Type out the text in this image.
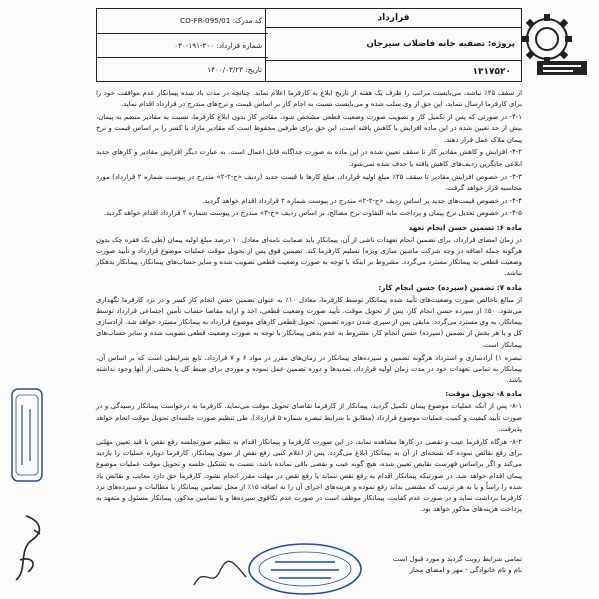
قرارداد
پروژه: تصفیه خانه فاضلاب سیرجان
۱۳۱۷۵۲۰
کد مدرک: CO-FR-095/01
شماره قرارداد: ۴۰۰-۱۹۱-۰۳۰
تاریخ: ۱۴۰۰/۰۳/۲۳

از سقف ۲۵٪ نباشد، می‌بایست مراتب را ظرف یک هفته از تاریخ ابلاغ به کارفرما اعلام نماید. چنانچه در مدت یاد شده پیمانکار عدم موافقت خود را برای کارفرما ارسال ننماید، این حق از وی سلب شده و می‌بایست نسبت به اجام کار بر اساس قیمت و نرخ‌های مندرج در قرارداد اقدام نماید.

۴-۱- در صورتی که پس از تکمیل کار و تصویب صورت وضعیت قطعی مشخص شود، مقادیر کار بدون ابلاغ کارفرما، نسبت به مقادیر منضم به پیمان، بیش از حد تعیین شده در این ماده افزایش یا کاهش یافته است، این حق برای طرفین محفوظ است که مقادیر مازاد یا کسر را بر اساس قیمت و نرخ پیمان ملاک عمل قرار دهند.

۴-۲- افزایش و کاهش مقادیر کار تا سقف تعیین شده در این ماده به صورت جداگانه قابل اعمال است. به عبارت دیگر افزایش مقادیر و کارهای جدید ابلاغی جایگزین ردیف‌های کاهش یافته یا حذف شده نمی‌شود.

۴-۳- در خصوص افزایش مقادیر تا سقف ۲۵٪ مبلغ اولیه قرارداد، مبلغ کارها با قیمت جدید (ردیف «ج-۲-۲» مندرج در پیوست شماره ۲ قرارداد) مورد محاسبه قرار خواهد گرفت.

۴-۴- در خصوص قیمت‌های جدید بر اساس ردیف «ج-۲-۲» مندرج در پیوست شماره ۲ قرارداد اقدام خواهد گردید.

۴-۵- در خصوص تعدیل نرخ پیمان و پرداخت مابه التفاوت نرخ مصالح، بر اساس ردیف «ج-۳» مندرج در پیوست شماره ۲ قرارداد اقدام خواهد گردید.

ماده ۶: تضمین حسن انجام تعهد

در زمان امضای قرارداد، برای تضمین انجام تعهدات ناشی از آن، پیمانکار باید ضمانت نامه‌ای معادل ۱۰ درصد مبلغ اولیه پیمان (طی یک فقره چک بدون هرگونه جمله اضافه در وجه شرکت ماشین سازی ویژه) تسلیم کارفرما کند. تضمین فوق پس از تحویل موقت عملیات موضوع قرارداد و تأیید صورت وضعیت قطعی به پیمانکار مسترد می‌گردد. مشروط بر اینکه با توجه به صورت وضعیت قطعی تصویب شده و سایر حساب‌های پیمانکار، پیمانکار بدهکار نباشد.

ماده ۷: تضمین (سپرده) حسن انجام کار:

از مبالغ ناخالص صورت وضعیت‌های تأیید شده پیمانکار توسط کارفرما، معادل ۱۰٪ به عنوان تضمین حسن انجام کار کسر و در نزد کارفرما نگهداری می‌شود. ۵۰٪ از سپرده حسن انجام کار، پس از تحویل موقت، تأیید صورت وضعیت قطعی، اخذ و ارایه مفاصا حساب تأمین اجتماعی قرارداد توسط پیمانکار، به وی مسترد می‌گردد. مابقی پس از سپری شدن دوره تضمین، تحویل قطعی کارهای موضوع قرارداد به پیمانکار مسترد خواهد شد. آزادسازی کل و یا هر بخش از تضمین (سپرده) حسن انجام کار، مشروط به عدم بدهی پیمانکار با توجه به صورت وضعیت قطعی تصویب شده و سایر حساب‌های پیمانکار است.

تبصره ۱) آزادسازی و استرداد هرگونه تضمین و سپرده‌های پیمانکار در زمان‌های مقرر در مواد ۶ و ۷ قرارداد، تابع شرایطی است که بر اساس آن، پیمانکار به تمامی تعهدات خود در مدت زمان اولیه قرارداد، تمدیدها و دوره تضمین عمل نموده و موردی برای ضبط کل یا بخشی از آنها وجود نداشته باشد.

ماده ۸- تحویل موقت:

۸-۱- پس از آنکه عملیات موضوع پیمان تکمیل گردید، پیمانکار از کارفرما تقاضای تحویل موقت می‌نماید. کارفرما به درخواست پیمانکار رسیدگی و در صورت تأیید کیفیت و کمیت عملیات موضوع قرارداد (مطابق با شرایط تبصره شماره ۵ قرارداد)، طی تنظیم صورت جلسه‌ای تحویل موقت انجام خواهد پذیرفت.

۸-۲- هرگاه کارفرما عیب و نقصی در کارها مشاهده نماید، در این صورت کارفرما و پیمانکار اقدام به تنظیم صورتجلسه رفع نقص با قید تعیین مهلتی برای رفع نقائص نموده که نسخه‌ای از آن به پیمانکار ابلاغ می‌گردد. پس از اعلام کتبی رفع نقص از سوی پیمانکار، کارفرما دوباره عملیات را بازدید می‌کند و اگر براساس فهرست نقایص تعیین شده، هیچ گونه عیب و نقصی باقی نمانده باشد، نسبت به تشکیل جلسه و تحویل موقت عملیات موضوع پیمان اقدام خواهد شد. در صورتیکه پیمانکار اقدام به رفع نقص ننماید یا رفع نقص در مهلت مقرر انجام نشود، کارفرما حق دارد معایب و نقائص یاد شده را راساً و یا به هر ترتیب که مقتضی بداند رفع نموده و هزینه‌های اجرای آن را به اضافه ۱۵٪ از محل تضامین پیمانکار یا مطالبات و سپرده‌های نزد کارفرما برداشت نماید و در صورت عدم کفایت، پیمانکار موظف است در صورت عدم تکافوی سپرده‌ها و یا تضامین مذکور، پیمانکار مسئول و متعهد به پرداخت هزینه‌های مذکور خواهد بود.

تمامی شرایط رویت گردید و مورد قبول است
نام و نام خانوادگی - مهر و امضای مجاز
